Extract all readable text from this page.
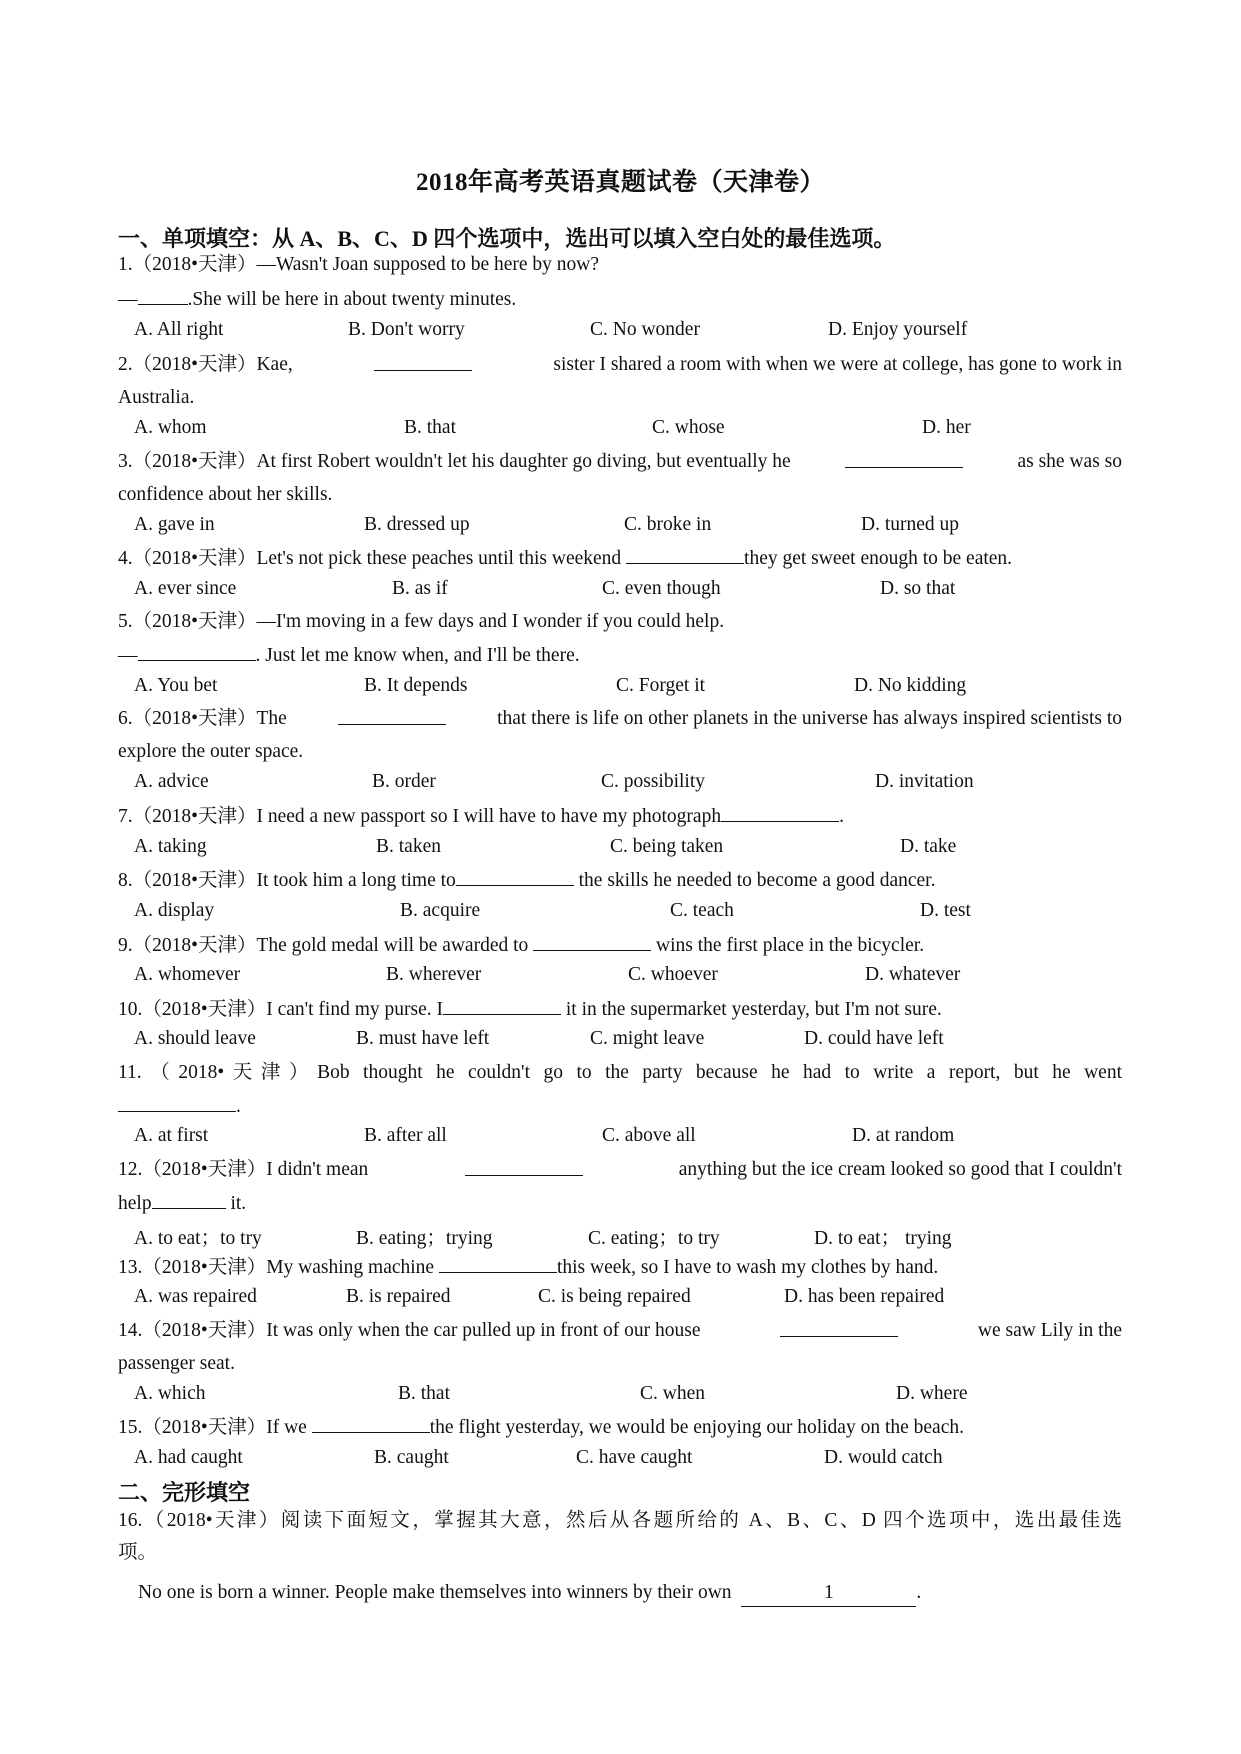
2018年高考英语真题试卷（天津卷）
一、单项填空：从 A、B、C、D 四个选项中，选出可以填入空白处的最佳选项。
1.（2018•天津）—Wasn't Joan supposed to be here by now?
—	.She will be here in about twenty minutes.
A. All right	B. Don't worry	C. No wonder	D. Enjoy yourself
2.（2018•天津）Kae,	sister I shared a room with when we were at college, has gone to work in
Australia.
A. whom	B. that	C. whose	D. her
3.（2018•天津）At first Robert wouldn't let his daughter go diving, but eventually he	as she was so
confidence about her skills.
A. gave in	B. dressed up	C. broke in	D. turned up
4.（2018•天津）Let's not pick these peaches until this weekend	they get sweet enough to be eaten.
A. ever since	B. as if	C. even though	D. so that
5.（2018•天津）—I'm moving in a few days and I wonder if you could help.
—	. Just let me know when, and I'll be there.
A. You bet	B. It depends	C. Forget it	D. No kidding
6.（2018•天津）The	that there is life on other planets in the universe has always inspired scientists to
explore the outer space.
A. advice	B. order	C. possibility	D. invitation
7.（2018•天津）I need a new passport so I will have to have my photograph	.
A. taking	B. taken	C. being taken	D. take
8.（2018•天津）It took him a long time to	the skills he needed to become a good dancer.
A. display	B. acquire	C. teach	D. test
9.（2018•天津）The gold medal will be awarded to	wins the first place in the bicycler.
A. whomever	B. wherever	C. whoever	D. whatever
10.（2018•天津）I can't find my purse. I	it in the supermarket yesterday, but I'm not sure.
A. should leave	B. must have left	C. might leave	D. could have left
11.（2018•天津）Bob thought he couldn't go to the party because he had to write a report, but he went
.
A. at first	B. after all	C. above all	D. at random
12.（2018•天津）I didn't mean	anything but the ice cream looked so good that I couldn't
help	it.
A. to eat；to try	B. eating；trying	C. eating；to try	D. to eat； trying
13.（2018•天津）My washing machine	this week, so I have to wash my clothes by hand.
A. was repaired	B. is repaired	C. is being repaired	D. has been repaired
14.（2018•天津）It was only when the car pulled up in front of our house	we saw Lily in the
passenger seat.
A. which	B. that	C. when	D. where
15.（2018•天津）If we	the flight yesterday, we would be enjoying our holiday on the beach.
A. had caught	B. caught	C. have caught	D. would catch
二、完形填空
16.（2018•天津）阅读下面短文，掌握其大意，然后从各题所给的 A、B、C、D 四个选项中，选出最佳选
项。
No one is born a winner. People make themselves into winners by their own	1	.
